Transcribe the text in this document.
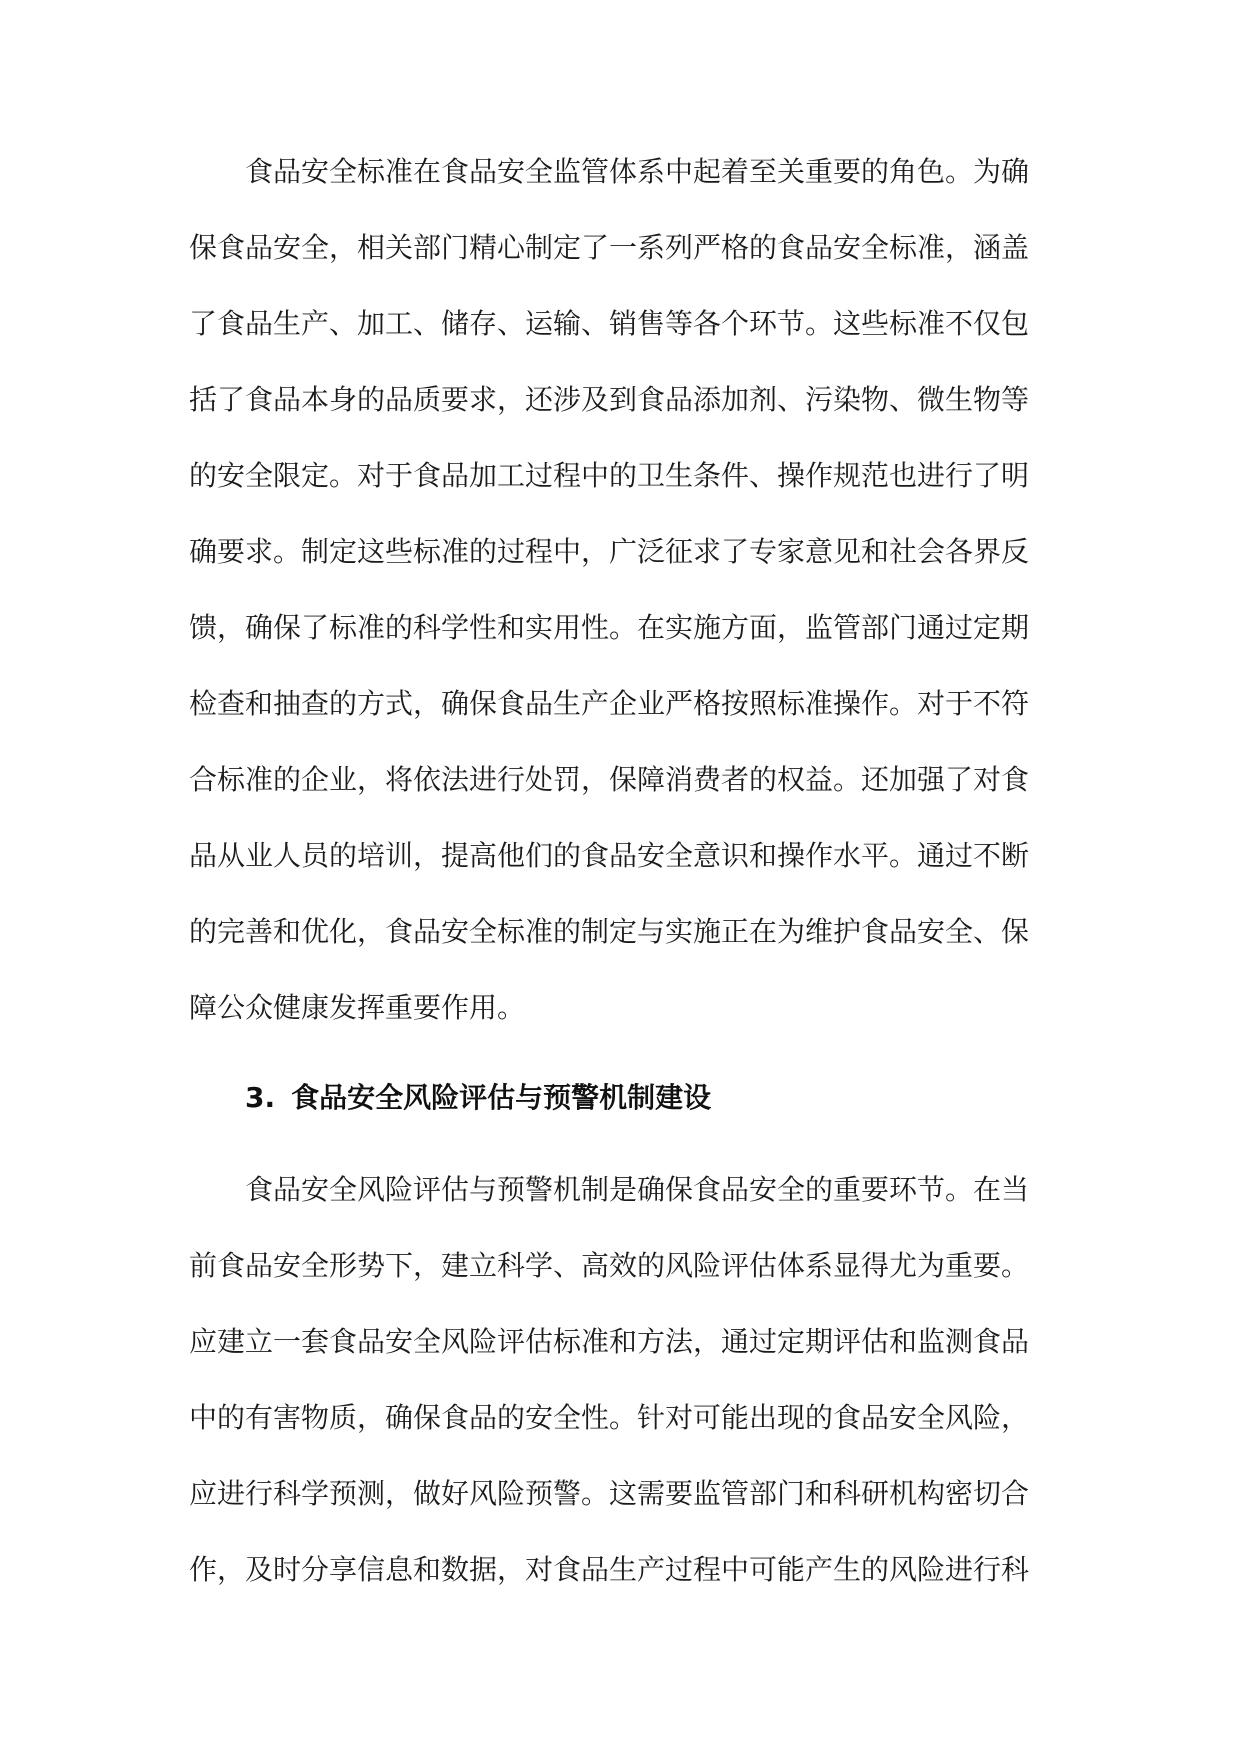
食品安全标准在食品安全监管体系中起着至关重要的角色。为确
保食品安全，相关部门精心制定了一系列严格的食品安全标准，涵盖
了食品生产、加工、储存、运输、销售等各个环节。这些标准不仅包
括了食品本身的品质要求，还涉及到食品添加剂、污染物、微生物等
的安全限定。对于食品加工过程中的卫生条件、操作规范也进行了明
确要求。制定这些标准的过程中，广泛征求了专家意见和社会各界反
馈，确保了标准的科学性和实用性。在实施方面，监管部门通过定期
检查和抽查的方式，确保食品生产企业严格按照标准操作。对于不符
合标准的企业，将依法进行处罚，保障消费者的权益。还加强了对食
品从业人员的培训，提高他们的食品安全意识和操作水平。通过不断
的完善和优化，食品安全标准的制定与实施正在为维护食品安全、保
障公众健康发挥重要作用。
3. 食品安全风险评估与预警机制建设
食品安全风险评估与预警机制是确保食品安全的重要环节。在当
前食品安全形势下，建立科学、高效的风险评估体系显得尤为重要。
应建立一套食品安全风险评估标准和方法，通过定期评估和监测食品
中的有害物质，确保食品的安全性。针对可能出现的食品安全风险，
应进行科学预测，做好风险预警。这需要监管部门和科研机构密切合
作，及时分享信息和数据，对食品生产过程中可能产生的风险进行科
